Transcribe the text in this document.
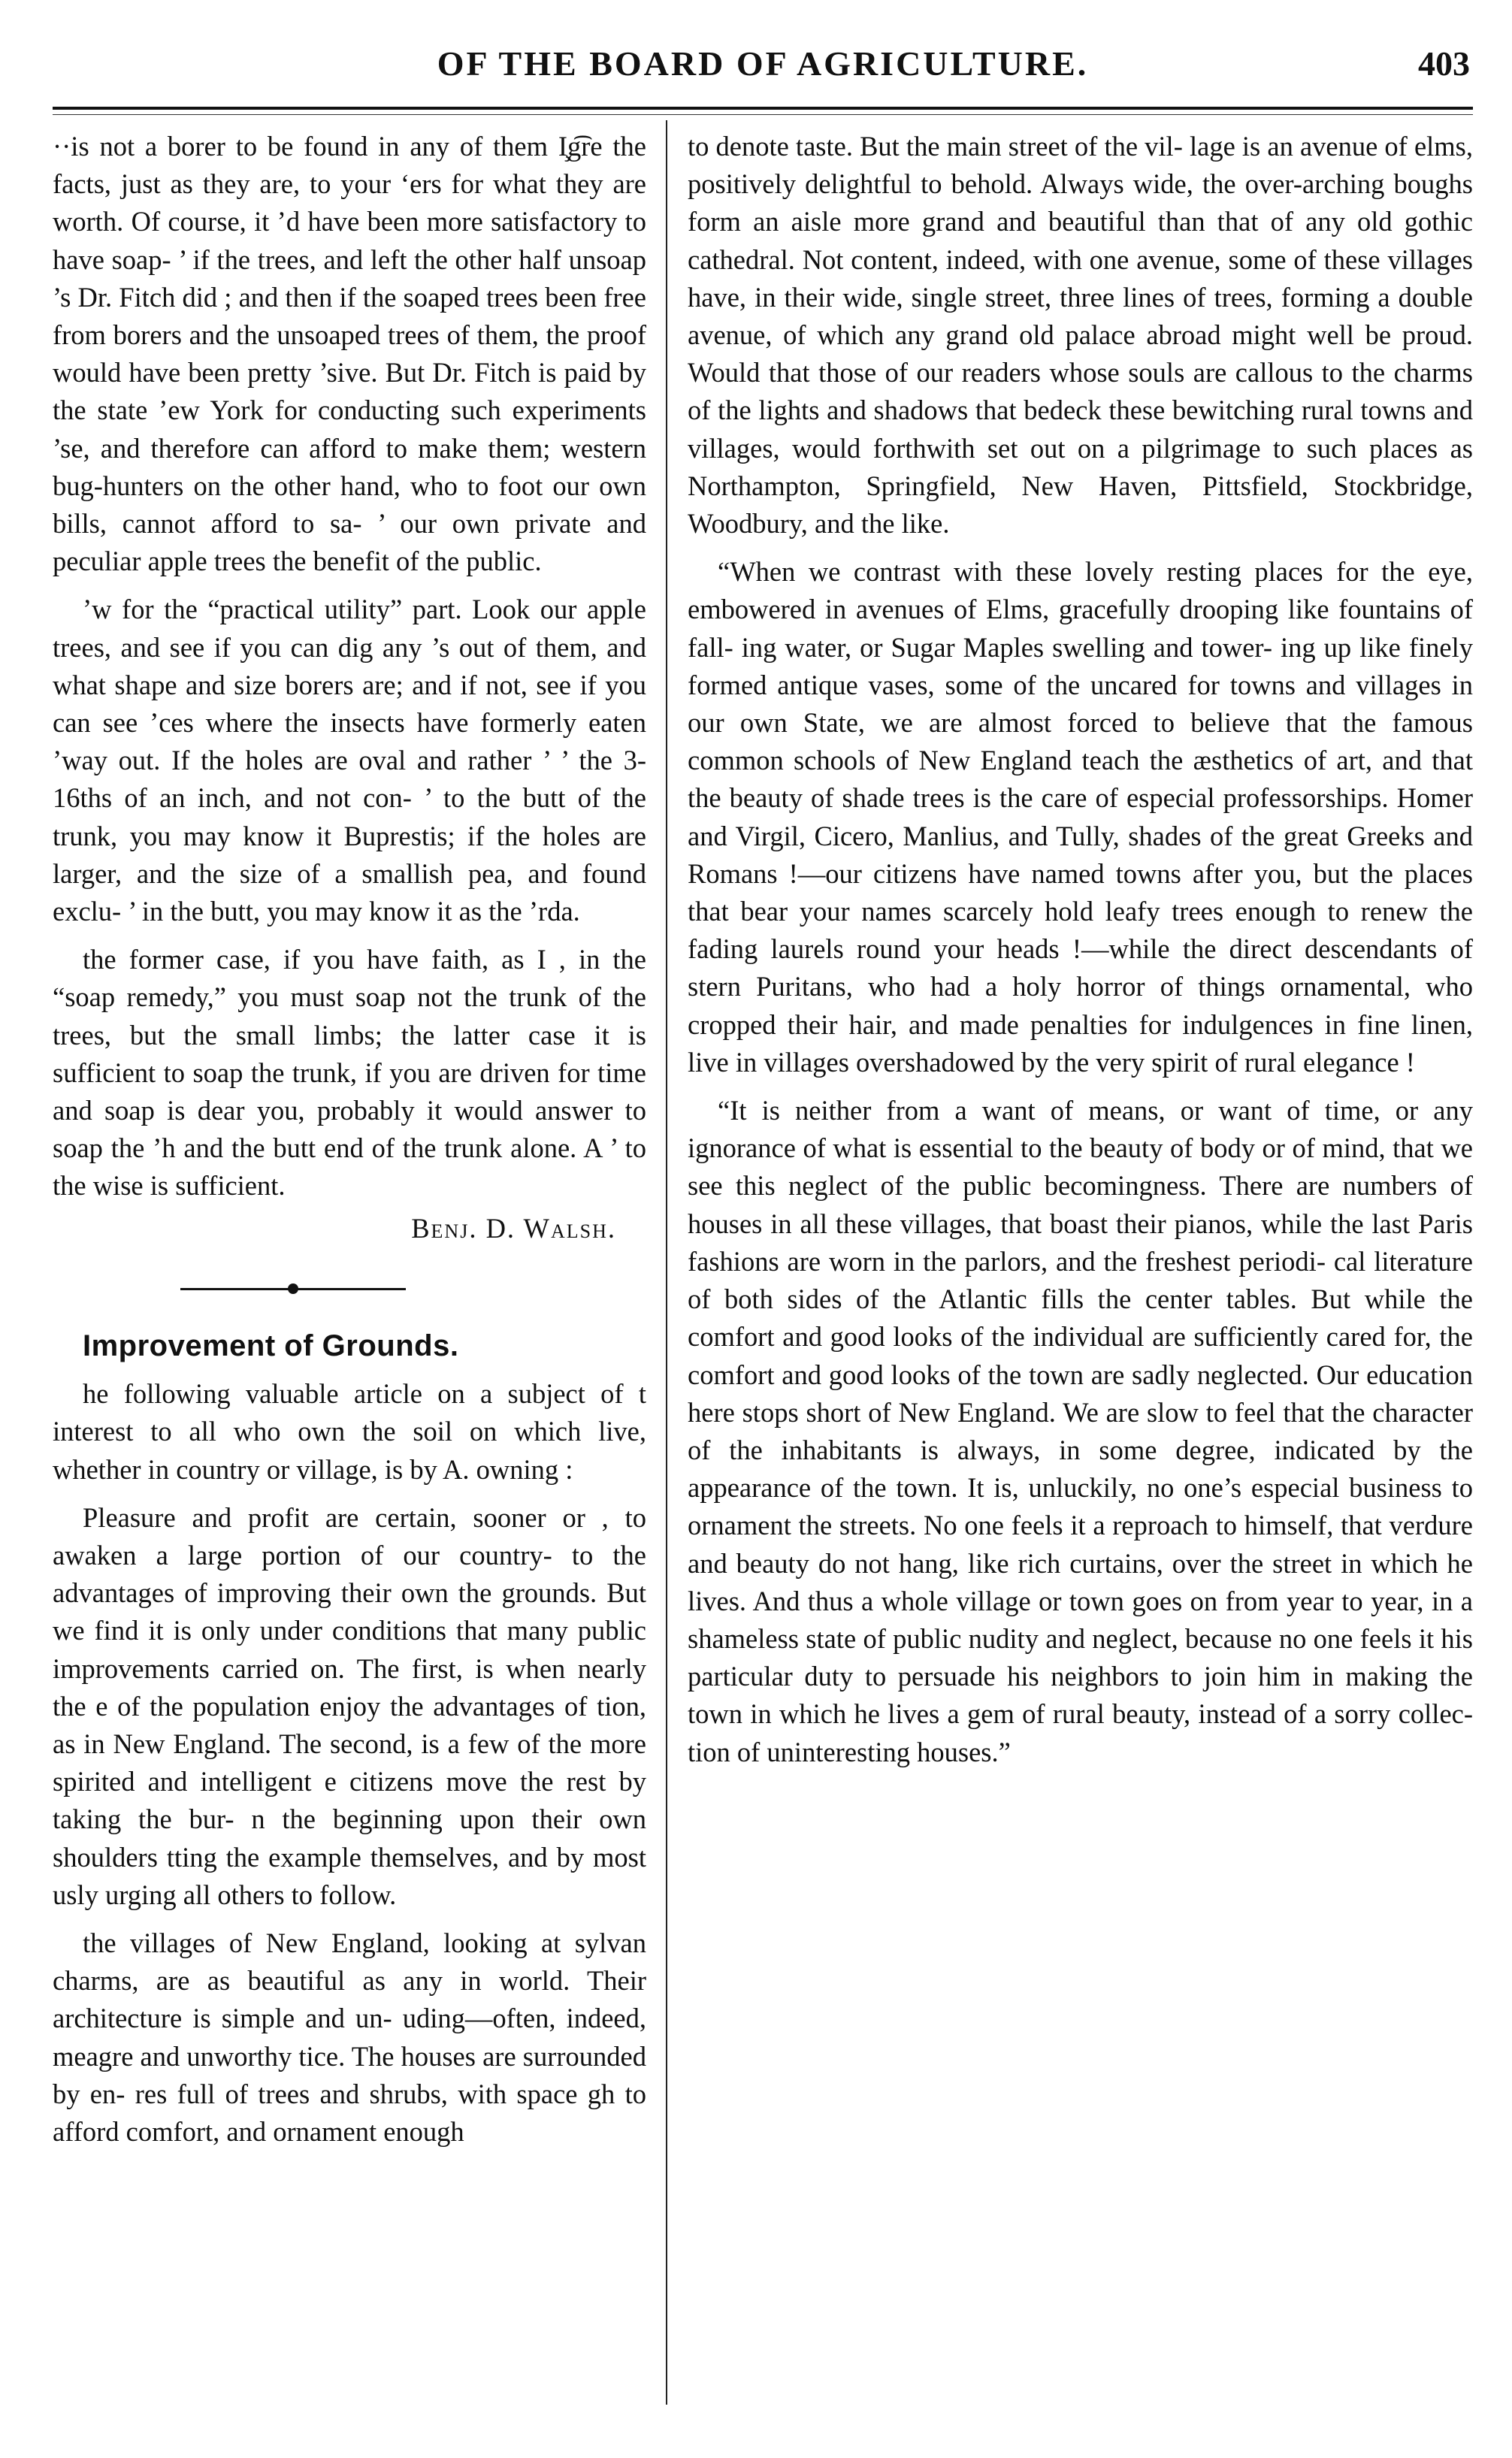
OF THE BOARD OF AGRICULTURE.	403

··is not a borer to be found in any of them I̧g͡re the facts, just as they are, to your ‘ers for what they are worth. Of course, it ’d have been more satisfactory to have soap- ’ if the trees, and left the other half unsoap ’s Dr. Fitch did ; and then if the soaped trees been free from borers and the unsoaped trees of them, the proof would have been pretty ’sive. But Dr. Fitch is paid by the state ’ew York for conducting such experiments ’se, and therefore can afford to make them; western bug-hunters on the other hand, who to foot our own bills, cannot afford to sa- ’ our own private and peculiar apple trees the benefit of the public.

’w for the “practical utility” part. Look our apple trees, and see if you can dig any ’s out of them, and what shape and size borers are; and if not, see if you can see ’ces where the insects have formerly eaten ’way out. If the holes are oval and rather ’ ’ the 3-16ths of an inch, and not con- ’ to the butt of the trunk, you may know it Buprestis; if the holes are larger, and the size of a smallish pea, and found exclu- ’ in the butt, you may know it as the ’rda.

the former case, if you have faith, as I , in the “soap remedy,” you must soap not the trunk of the trees, but the small limbs; the latter case it is sufficient to soap the trunk, if you are driven for time and soap is dear you, probably it would answer to soap the ’h and the butt end of the trunk alone. A ’ to the wise is sufficient.

Benj. D. Walsh.

Improvement of Grounds.

he following valuable article on a subject of t interest to all who own the soil on which live, whether in country or village, is by A. owning :

Pleasure and profit are certain, sooner or , to awaken a large portion of our country- to the advantages of improving their own the grounds. But we find it is only under conditions that many public improvements carried on. The first, is when nearly the e of the population enjoy the advantages of tion, as in New England. The second, is a few of the more spirited and intelligent e citizens move the rest by taking the bur- n the beginning upon their own shoulders tting the example themselves, and by most usly urging all others to follow.

the villages of New England, looking at sylvan charms, are as beautiful as any in world. Their architecture is simple and un- uding—often, indeed, meagre and unworthy tice. The houses are surrounded by en- res full of trees and shrubs, with space gh to afford comfort, and ornament enough

to denote taste. But the main street of the vil- lage is an avenue of elms, positively delightful to behold. Always wide, the over-arching boughs form an aisle more grand and beautiful than that of any old gothic cathedral. Not content, indeed, with one avenue, some of these villages have, in their wide, single street, three lines of trees, forming a double avenue, of which any grand old palace abroad might well be proud. Would that those of our readers whose souls are callous to the charms of the lights and shadows that bedeck these bewitching rural towns and villages, would forthwith set out on a pilgrimage to such places as Northampton, Springfield, New Haven, Pittsfield, Stockbridge, Woodbury, and the like.

“When we contrast with these lovely resting places for the eye, embowered in avenues of Elms, gracefully drooping like fountains of fall- ing water, or Sugar Maples swelling and tower- ing up like finely formed antique vases, some of the uncared for towns and villages in our own State, we are almost forced to believe that the famous common schools of New England teach the æsthetics of art, and that the beauty of shade trees is the care of especial professorships. Homer and Virgil, Cicero, Manlius, and Tully, shades of the great Greeks and Romans !—our citizens have named towns after you, but the places that bear your names scarcely hold leafy trees enough to renew the fading laurels round your heads !—while the direct descendants of stern Puritans, who had a holy horror of things ornamental, who cropped their hair, and made penalties for indulgences in fine linen, live in villages overshadowed by the very spirit of rural elegance !

“It is neither from a want of means, or want of time, or any ignorance of what is essential to the beauty of body or of mind, that we see this neglect of the public becomingness. There are numbers of houses in all these villages, that boast their pianos, while the last Paris fashions are worn in the parlors, and the freshest periodi- cal literature of both sides of the Atlantic fills the center tables. But while the comfort and good looks of the individual are sufficiently cared for, the comfort and good looks of the town are sadly neglected. Our education here stops short of New England. We are slow to feel that the character of the inhabitants is always, in some degree, indicated by the appearance of the town. It is, unluckily, no one’s especial business to ornament the streets. No one feels it a reproach to himself, that verdure and beauty do not hang, like rich curtains, over the street in which he lives. And thus a whole village or town goes on from year to year, in a shameless state of public nudity and neglect, because no one feels it his particular duty to persuade his neighbors to join him in making the town in which he lives a gem of rural beauty, instead of a sorry collec- tion of uninteresting houses.”
